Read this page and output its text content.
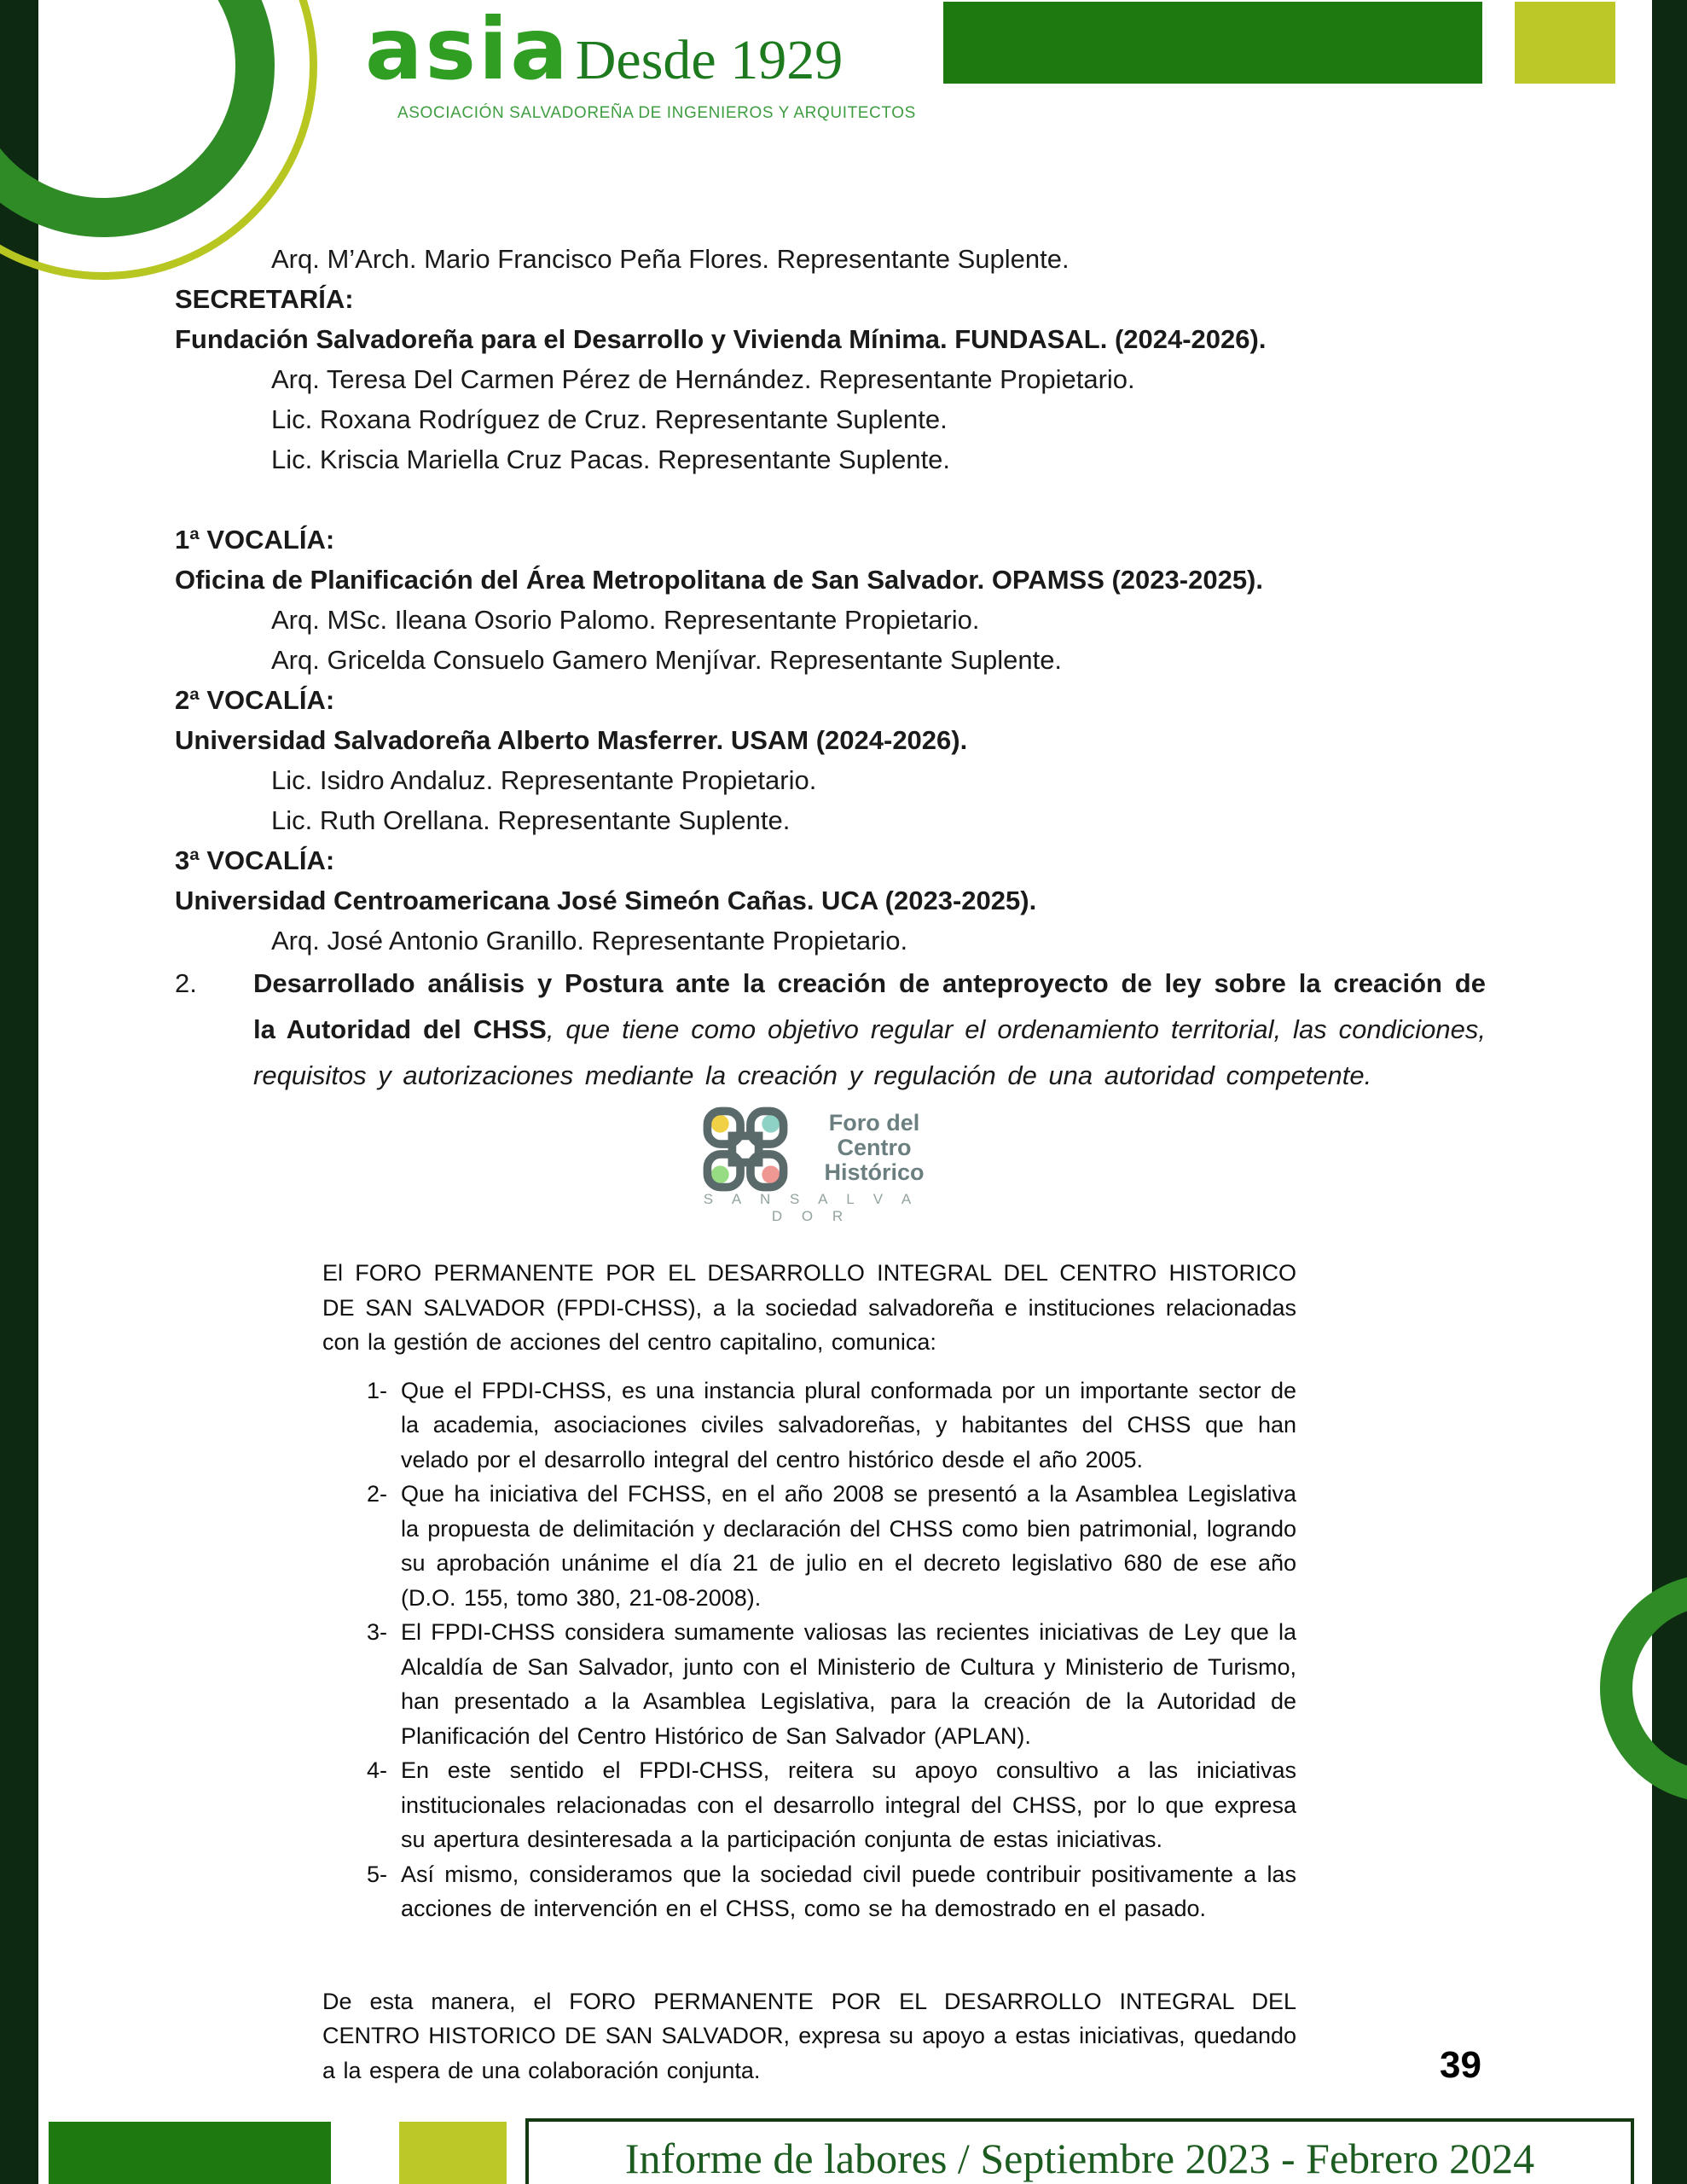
asia Desde 1929
ASOCIACIÓN SALVADOREÑA DE INGENIEROS Y ARQUITECTOS
Arq. M’Arch. Mario Francisco Peña Flores. Representante Suplente.
SECRETARÍA:
Fundación Salvadoreña para el Desarrollo y Vivienda Mínima. FUNDASAL. (2024-2026).
Arq. Teresa Del Carmen Pérez de Hernández. Representante Propietario.
Lic. Roxana Rodríguez de Cruz. Representante Suplente.
Lic. Kriscia Mariella Cruz Pacas. Representante Suplente.
1ª VOCALÍA:
Oficina de Planificación del Área Metropolitana de San Salvador. OPAMSS (2023-2025).
Arq. MSc. Ileana Osorio Palomo. Representante Propietario.
Arq. Gricelda Consuelo Gamero Menjívar. Representante Suplente.
2ª VOCALÍA:
Universidad Salvadoreña Alberto Masferrer. USAM (2024-2026).
Lic. Isidro Andaluz. Representante Propietario.
Lic. Ruth Orellana. Representante Suplente.
3ª VOCALÍA:
Universidad Centroamericana José Simeón Cañas. UCA (2023-2025).
Arq. José Antonio Granillo. Representante Propietario.
2. Desarrollado análisis y Postura ante la creación de anteproyecto de ley sobre la creación de la Autoridad del CHSS, que tiene como objetivo regular el ordenamiento territorial, las condiciones, requisitos y autorizaciones mediante la creación y regulación de una autoridad competente.
Foro del
Centro
Histórico
S A N S A L V A D O R
El FORO PERMANENTE POR EL DESARROLLO INTEGRAL DEL CENTRO HISTORICO DE SAN SALVADOR (FPDI-CHSS), a la sociedad salvadoreña e instituciones relacionadas con la gestión de acciones del centro capitalino, comunica:
1- Que el FPDI-CHSS, es una instancia plural conformada por un importante sector de la academia, asociaciones civiles salvadoreñas, y habitantes del CHSS que han velado por el desarrollo integral del centro histórico desde el año 2005.
2- Que ha iniciativa del FCHSS, en el año 2008 se presentó a la Asamblea Legislativa la propuesta de delimitación y declaración del CHSS como bien patrimonial, logrando su aprobación unánime el día 21 de julio en el decreto legislativo 680 de ese año (D.O. 155, tomo 380, 21-08-2008).
3- El FPDI-CHSS considera sumamente valiosas las recientes iniciativas de Ley que la Alcaldía de San Salvador, junto con el Ministerio de Cultura y Ministerio de Turismo, han presentado a la Asamblea Legislativa, para la creación de la Autoridad de Planificación del Centro Histórico de San Salvador (APLAN).
4- En este sentido el FPDI-CHSS, reitera su apoyo consultivo a las iniciativas institucionales relacionadas con el desarrollo integral del CHSS, por lo que expresa su apertura desinteresada a la participación conjunta de estas iniciativas.
5- Así mismo, consideramos que la sociedad civil puede contribuir positivamente a las acciones de intervención en el CHSS, como se ha demostrado en el pasado.
De esta manera, el FORO PERMANENTE POR EL DESARROLLO INTEGRAL DEL CENTRO HISTORICO DE SAN SALVADOR, expresa su apoyo a estas iniciativas, quedando a la espera de una colaboración conjunta.	39
Informe de labores / Septiembre 2023 - Febrero 2024
